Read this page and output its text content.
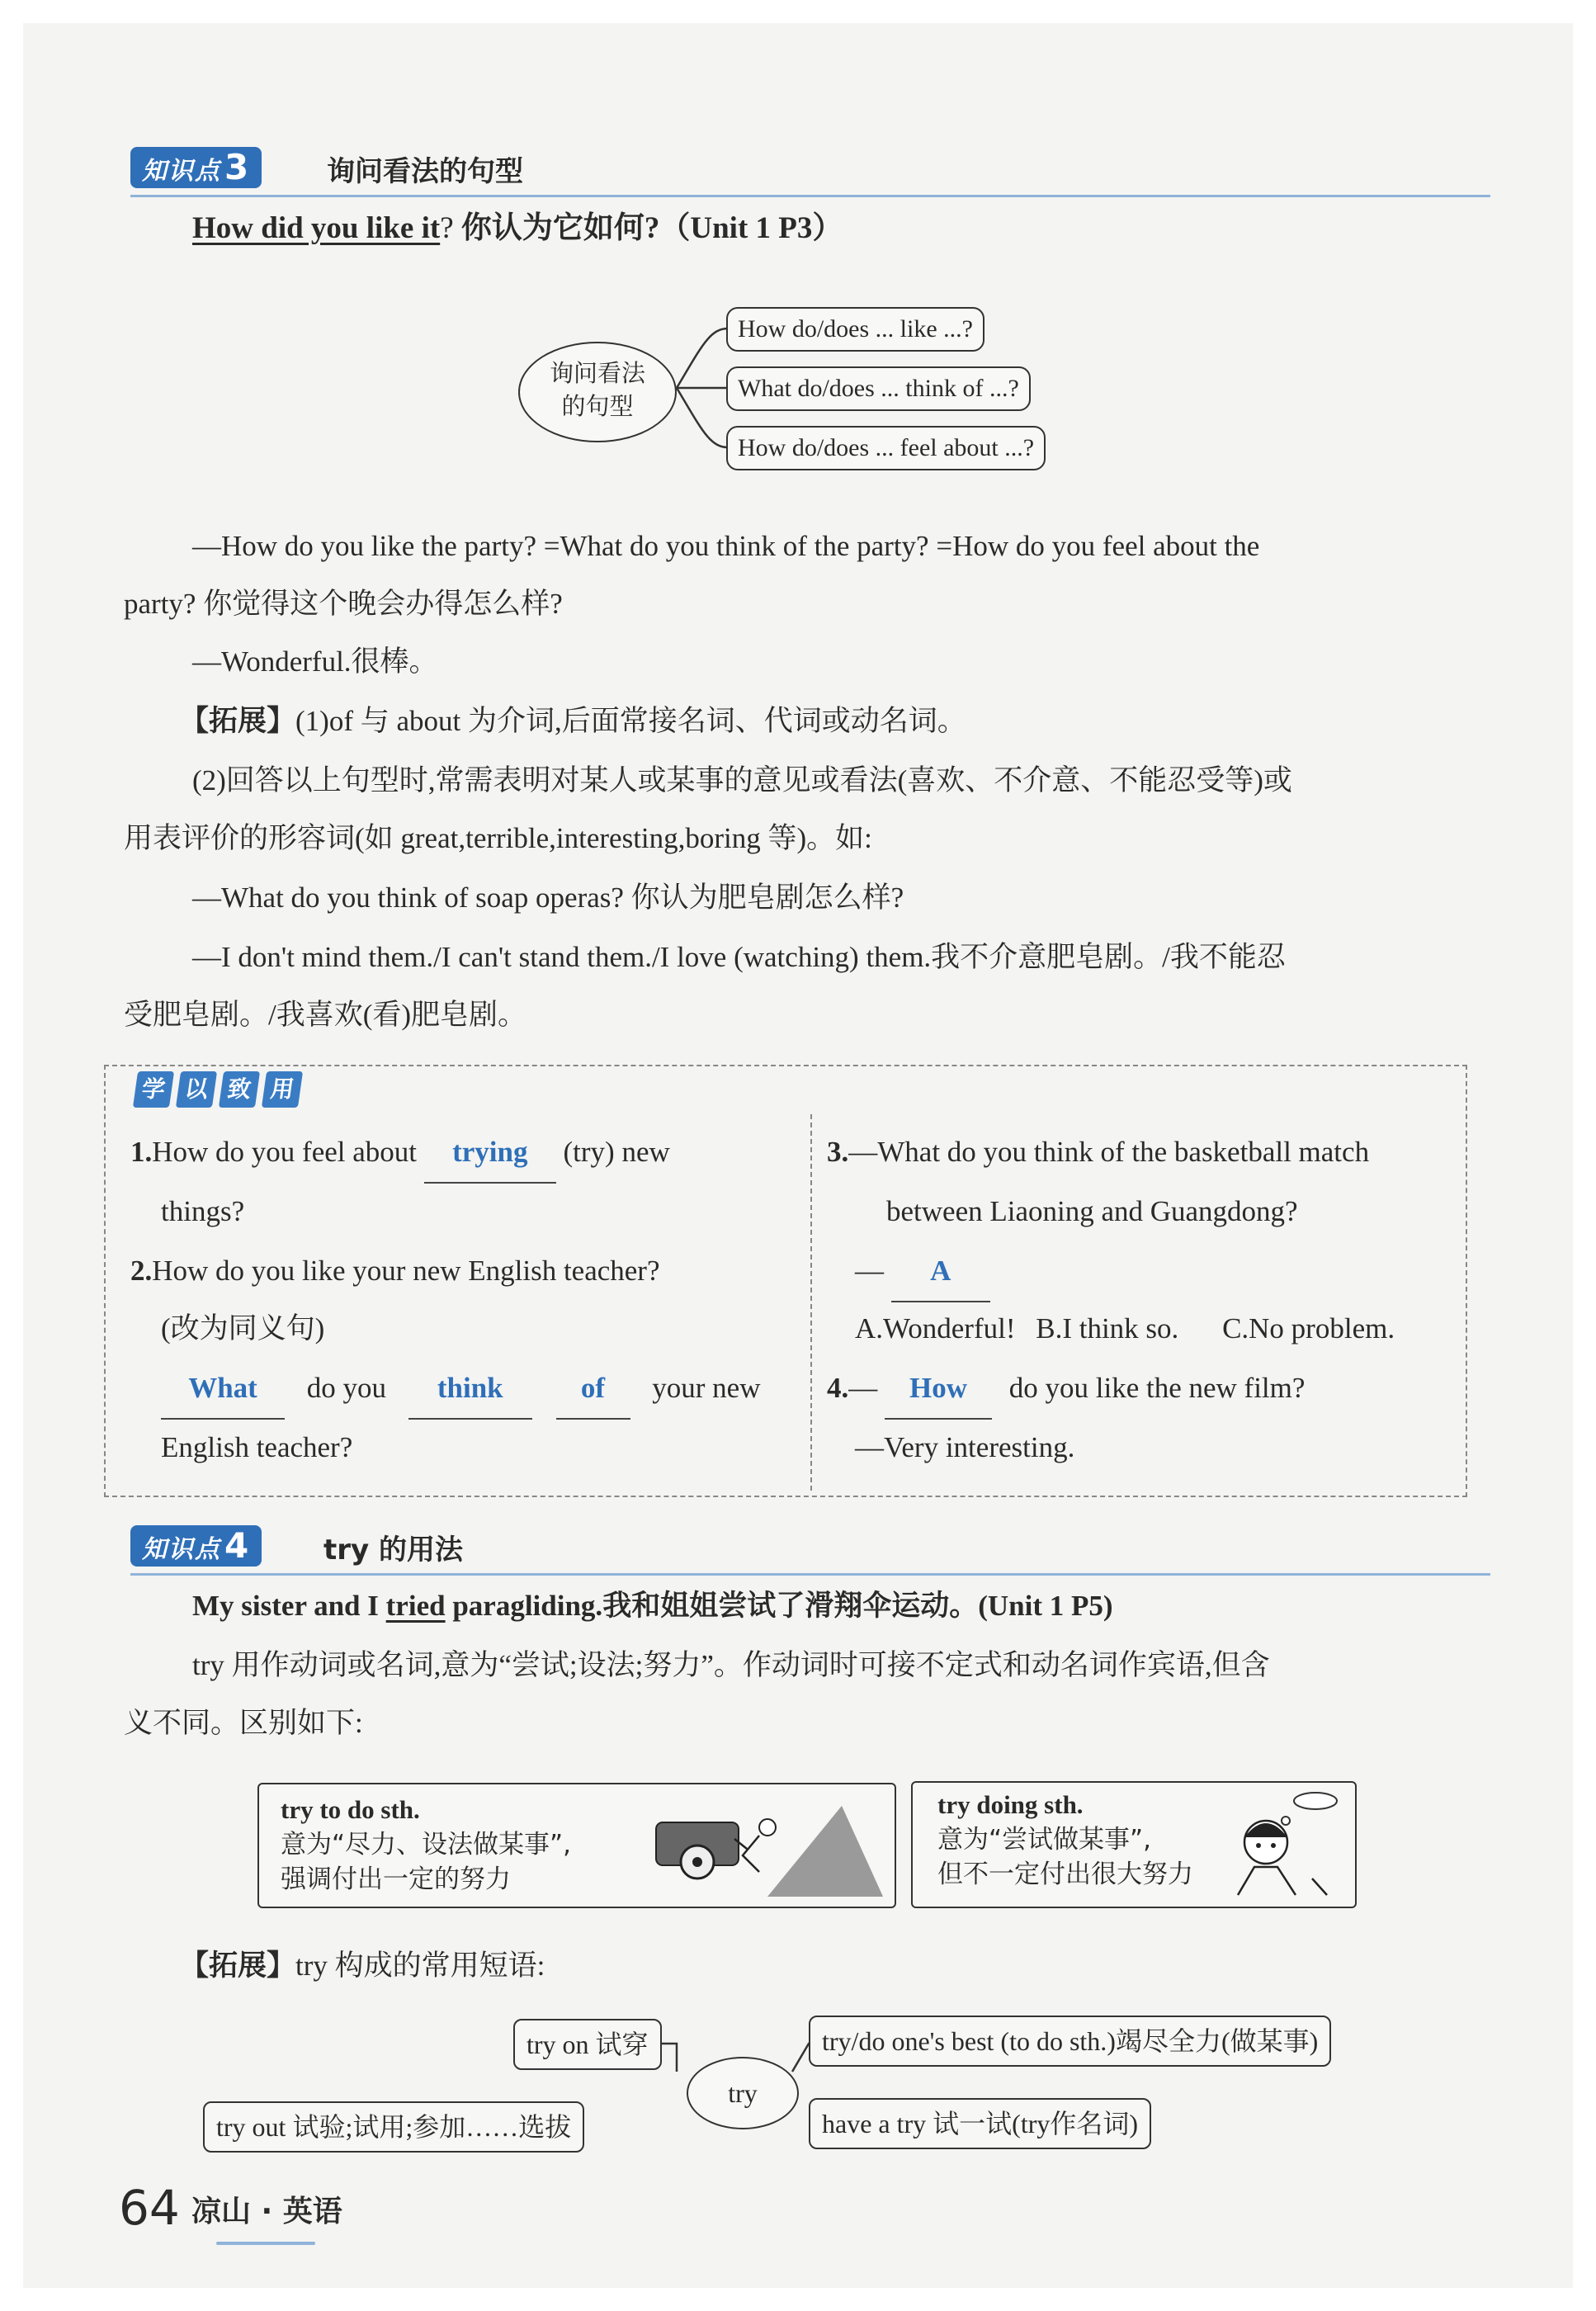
知识点3	询问看法的句型
How did you like it? 你认为它如何?（Unit 1 P3）
询问看法
的句型
How do/does ... like ...?
What do/does ... think of ...?
How do/does ... feel about ...?
—How do you like the party? =What do you think of the party? =How do you feel about the
party? 你觉得这个晚会办得怎么样?
—Wonderful.很棒。
【拓展】(1)of 与 about 为介词,后面常接名词、代词或动名词。
(2)回答以上句型时,常需表明对某人或某事的意见或看法(喜欢、不介意、不能忍受等)或
用表评价的形容词(如 great,terrible,interesting,boring 等)。如:
—What do you think of soap operas? 你认为肥皂剧怎么样?
—I don't mind them./I can't stand them./I love (watching) them.我不介意肥皂剧。/我不能忍
受肥皂剧。/我喜欢(看)肥皂剧。
学 以 致 用
1.How do you feel about trying (try) new
things?
2.How do you like your new English teacher?
(改为同义句)
What do you think	of your new
English teacher?
3.—What do you think of the basketball match
between Liaoning and Guangdong?
— A
A.Wonderful! B.I think so. C.No problem.
4.— How do you like the new film?
—Very interesting.
知识点4	try 的用法
My sister and I tried paragliding.我和姐姐尝试了滑翔伞运动。(Unit 1 P5)
try 用作动词或名词,意为“尝试;设法;努力”。作动词时可接不定式和动名词作宾语,但含
义不同。区别如下:
try to do sth.
意为“尽力、设法做某事”,
强调付出一定的努力
try doing sth.
意为“尝试做某事”,
但不一定付出很大努力
【拓展】try 构成的常用短语:
try on 试穿	try/do one's best (to do sth.)竭尽全力(做某事)
try out 试验;试用;参加……选拔	have a try 试一试(try作名词)
try
64 凉山 · 英语
